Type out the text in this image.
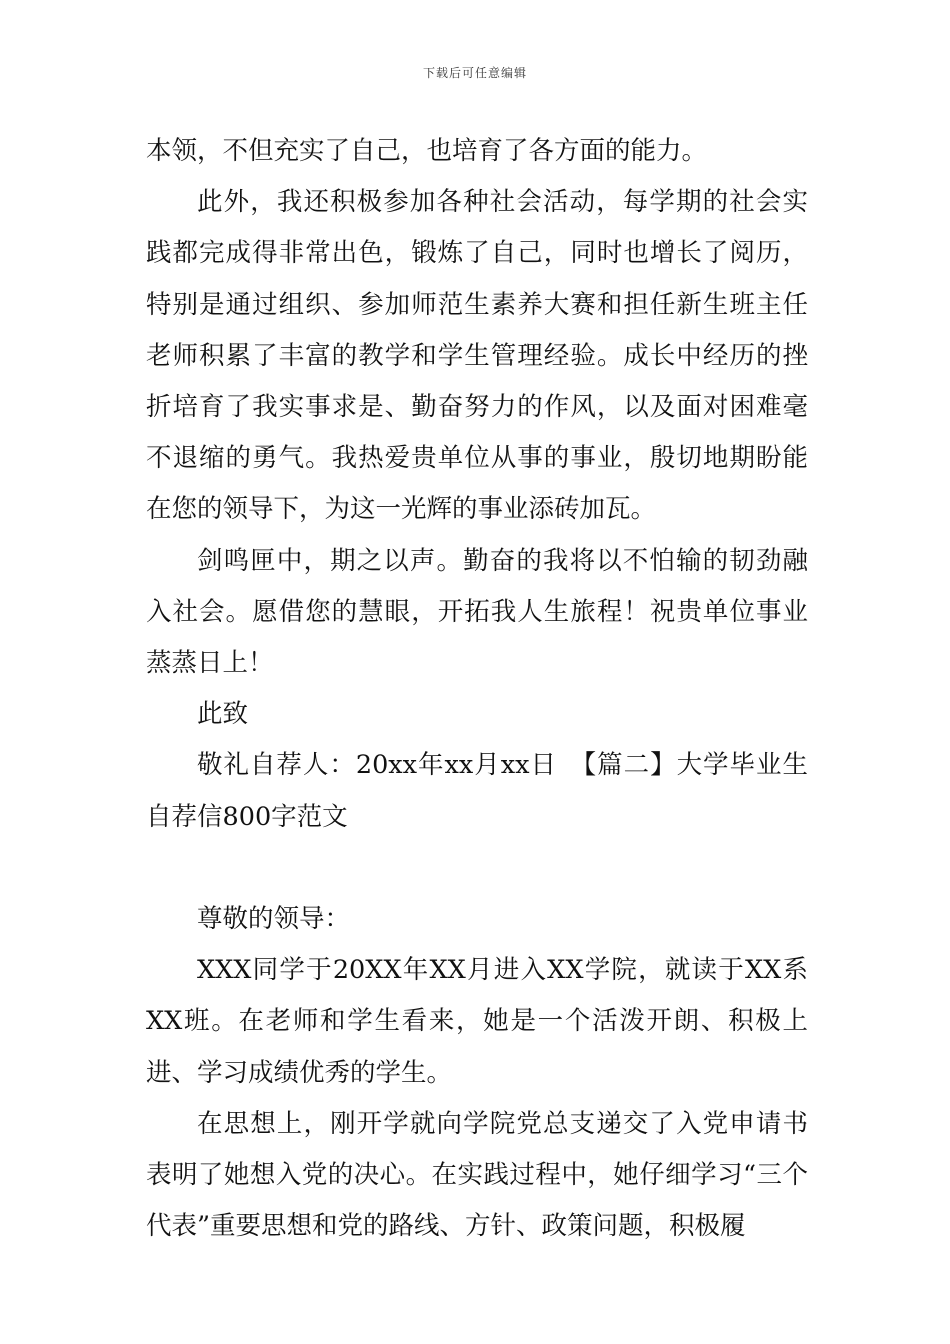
下载后可任意编辑

本领，不但充实了自己，也培育了各方面的能力。

此外，我还积极参加各种社会活动，每学期的社会实践都完成得非常出色，锻炼了自己，同时也增长了阅历，特别是通过组织、参加师范生素养大赛和担任新生班主任老师积累了丰富的教学和学生管理经验。成长中经历的挫折培育了我实事求是、勤奋努力的作风，以及面对困难毫不退缩的勇气。我热爱贵单位从事的事业，殷切地期盼能在您的领导下，为这一光辉的事业添砖加瓦。

剑鸣匣中，期之以声。勤奋的我将以不怕输的韧劲融入社会。愿借您的慧眼，开拓我人生旅程！祝贵单位事业蒸蒸日上！

此致

敬礼自荐人：20xx年xx月xx日　【篇二】大学毕业生自荐信800字范文

尊敬的领导：

XXX同学于20XX年XX月进入XX学院，就读于XX系XX班。在老师和学生看来，她是一个活泼开朗、积极上进、学习成绩优秀的学生。

在思想上，刚开学就向学院党总支递交了入党申请书表明了她想入党的决心。在实践过程中，她仔细学习“三个代表”重要思想和党的路线、方针、政策问题，积极履
